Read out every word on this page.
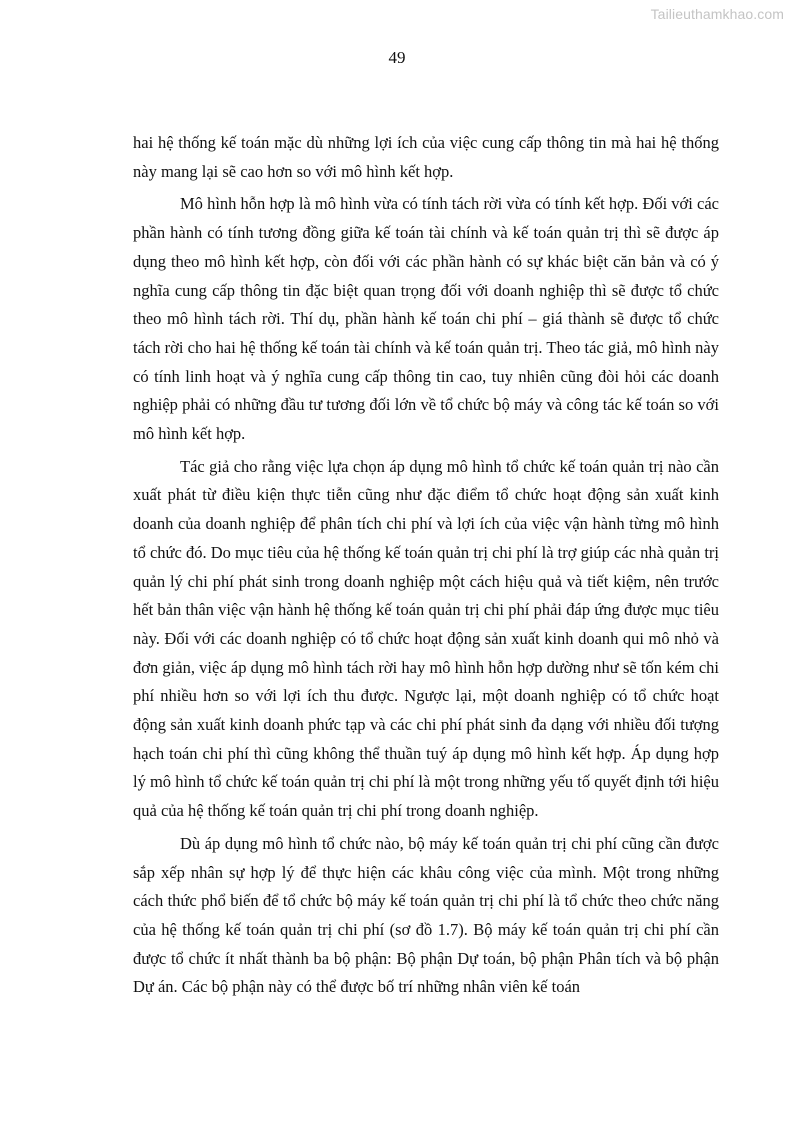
Tailieuthamkhao.com
49

hai hệ thống kế toán mặc dù những lợi ích của việc cung cấp thông tin mà hai hệ thống này mang lại sẽ cao hơn so với mô hình kết hợp.

Mô hình hỗn hợp là mô hình vừa có tính tách rời vừa có tính kết hợp. Đối với các phần hành có tính tương đồng giữa kế toán tài chính và kế toán quản trị thì sẽ được áp dụng theo mô hình kết hợp, còn đối với các phần hành có sự khác biệt căn bản và có ý nghĩa cung cấp thông tin đặc biệt quan trọng đối với doanh nghiệp thì sẽ được tổ chức theo mô hình tách rời. Thí dụ, phần hành kế toán chi phí – giá thành sẽ được tổ chức tách rời cho hai hệ thống kế toán tài chính và kế toán quản trị. Theo tác giả, mô hình này có tính linh hoạt và ý nghĩa cung cấp thông tin cao, tuy nhiên cũng đòi hỏi các doanh nghiệp phải có những đầu tư tương đối lớn về tổ chức bộ máy và công tác kế toán so với mô hình kết hợp.

Tác giả cho rằng việc lựa chọn áp dụng mô hình tổ chức kế toán quản trị nào cần xuất phát từ điều kiện thực tiễn cũng như đặc điểm tổ chức hoạt động sản xuất kinh doanh của doanh nghiệp để phân tích chi phí và lợi ích của việc vận hành từng mô hình tổ chức đó. Do mục tiêu của hệ thống kế toán quản trị chi phí là trợ giúp các nhà quản trị quản lý chi phí phát sinh trong doanh nghiệp một cách hiệu quả và tiết kiệm, nên trước hết bản thân việc vận hành hệ thống kế toán quản trị chi phí phải đáp ứng được mục tiêu này. Đối với các doanh nghiệp có tổ chức hoạt động sản xuất kinh doanh qui mô nhỏ và đơn giản, việc áp dụng mô hình tách rời hay mô hình hỗn hợp dường như sẽ tốn kém chi phí nhiều hơn so với lợi ích thu được. Ngược lại, một doanh nghiệp có tổ chức hoạt động sản xuất kinh doanh phức tạp và các chi phí phát sinh đa dạng với nhiều đối tượng hạch toán chi phí thì cũng không thể thuần tuý áp dụng mô hình kết hợp. Áp dụng hợp lý mô hình tổ chức kế toán quản trị chi phí là một trong những yếu tố quyết định tới hiệu quả của hệ thống kế toán quản trị chi phí trong doanh nghiệp.

Dù áp dụng mô hình tổ chức nào, bộ máy kế toán quản trị chi phí cũng cần được sắp xếp nhân sự hợp lý để thực hiện các khâu công việc của mình. Một trong những cách thức phổ biến để tổ chức bộ máy kế toán quản trị chi phí là tổ chức theo chức năng của hệ thống kế toán quản trị chi phí (sơ đồ 1.7). Bộ máy kế toán quản trị chi phí cần được tổ chức ít nhất thành ba bộ phận: Bộ phận Dự toán, bộ phận Phân tích và bộ phận Dự án. Các bộ phận này có thể được bố trí những nhân viên kế toán
